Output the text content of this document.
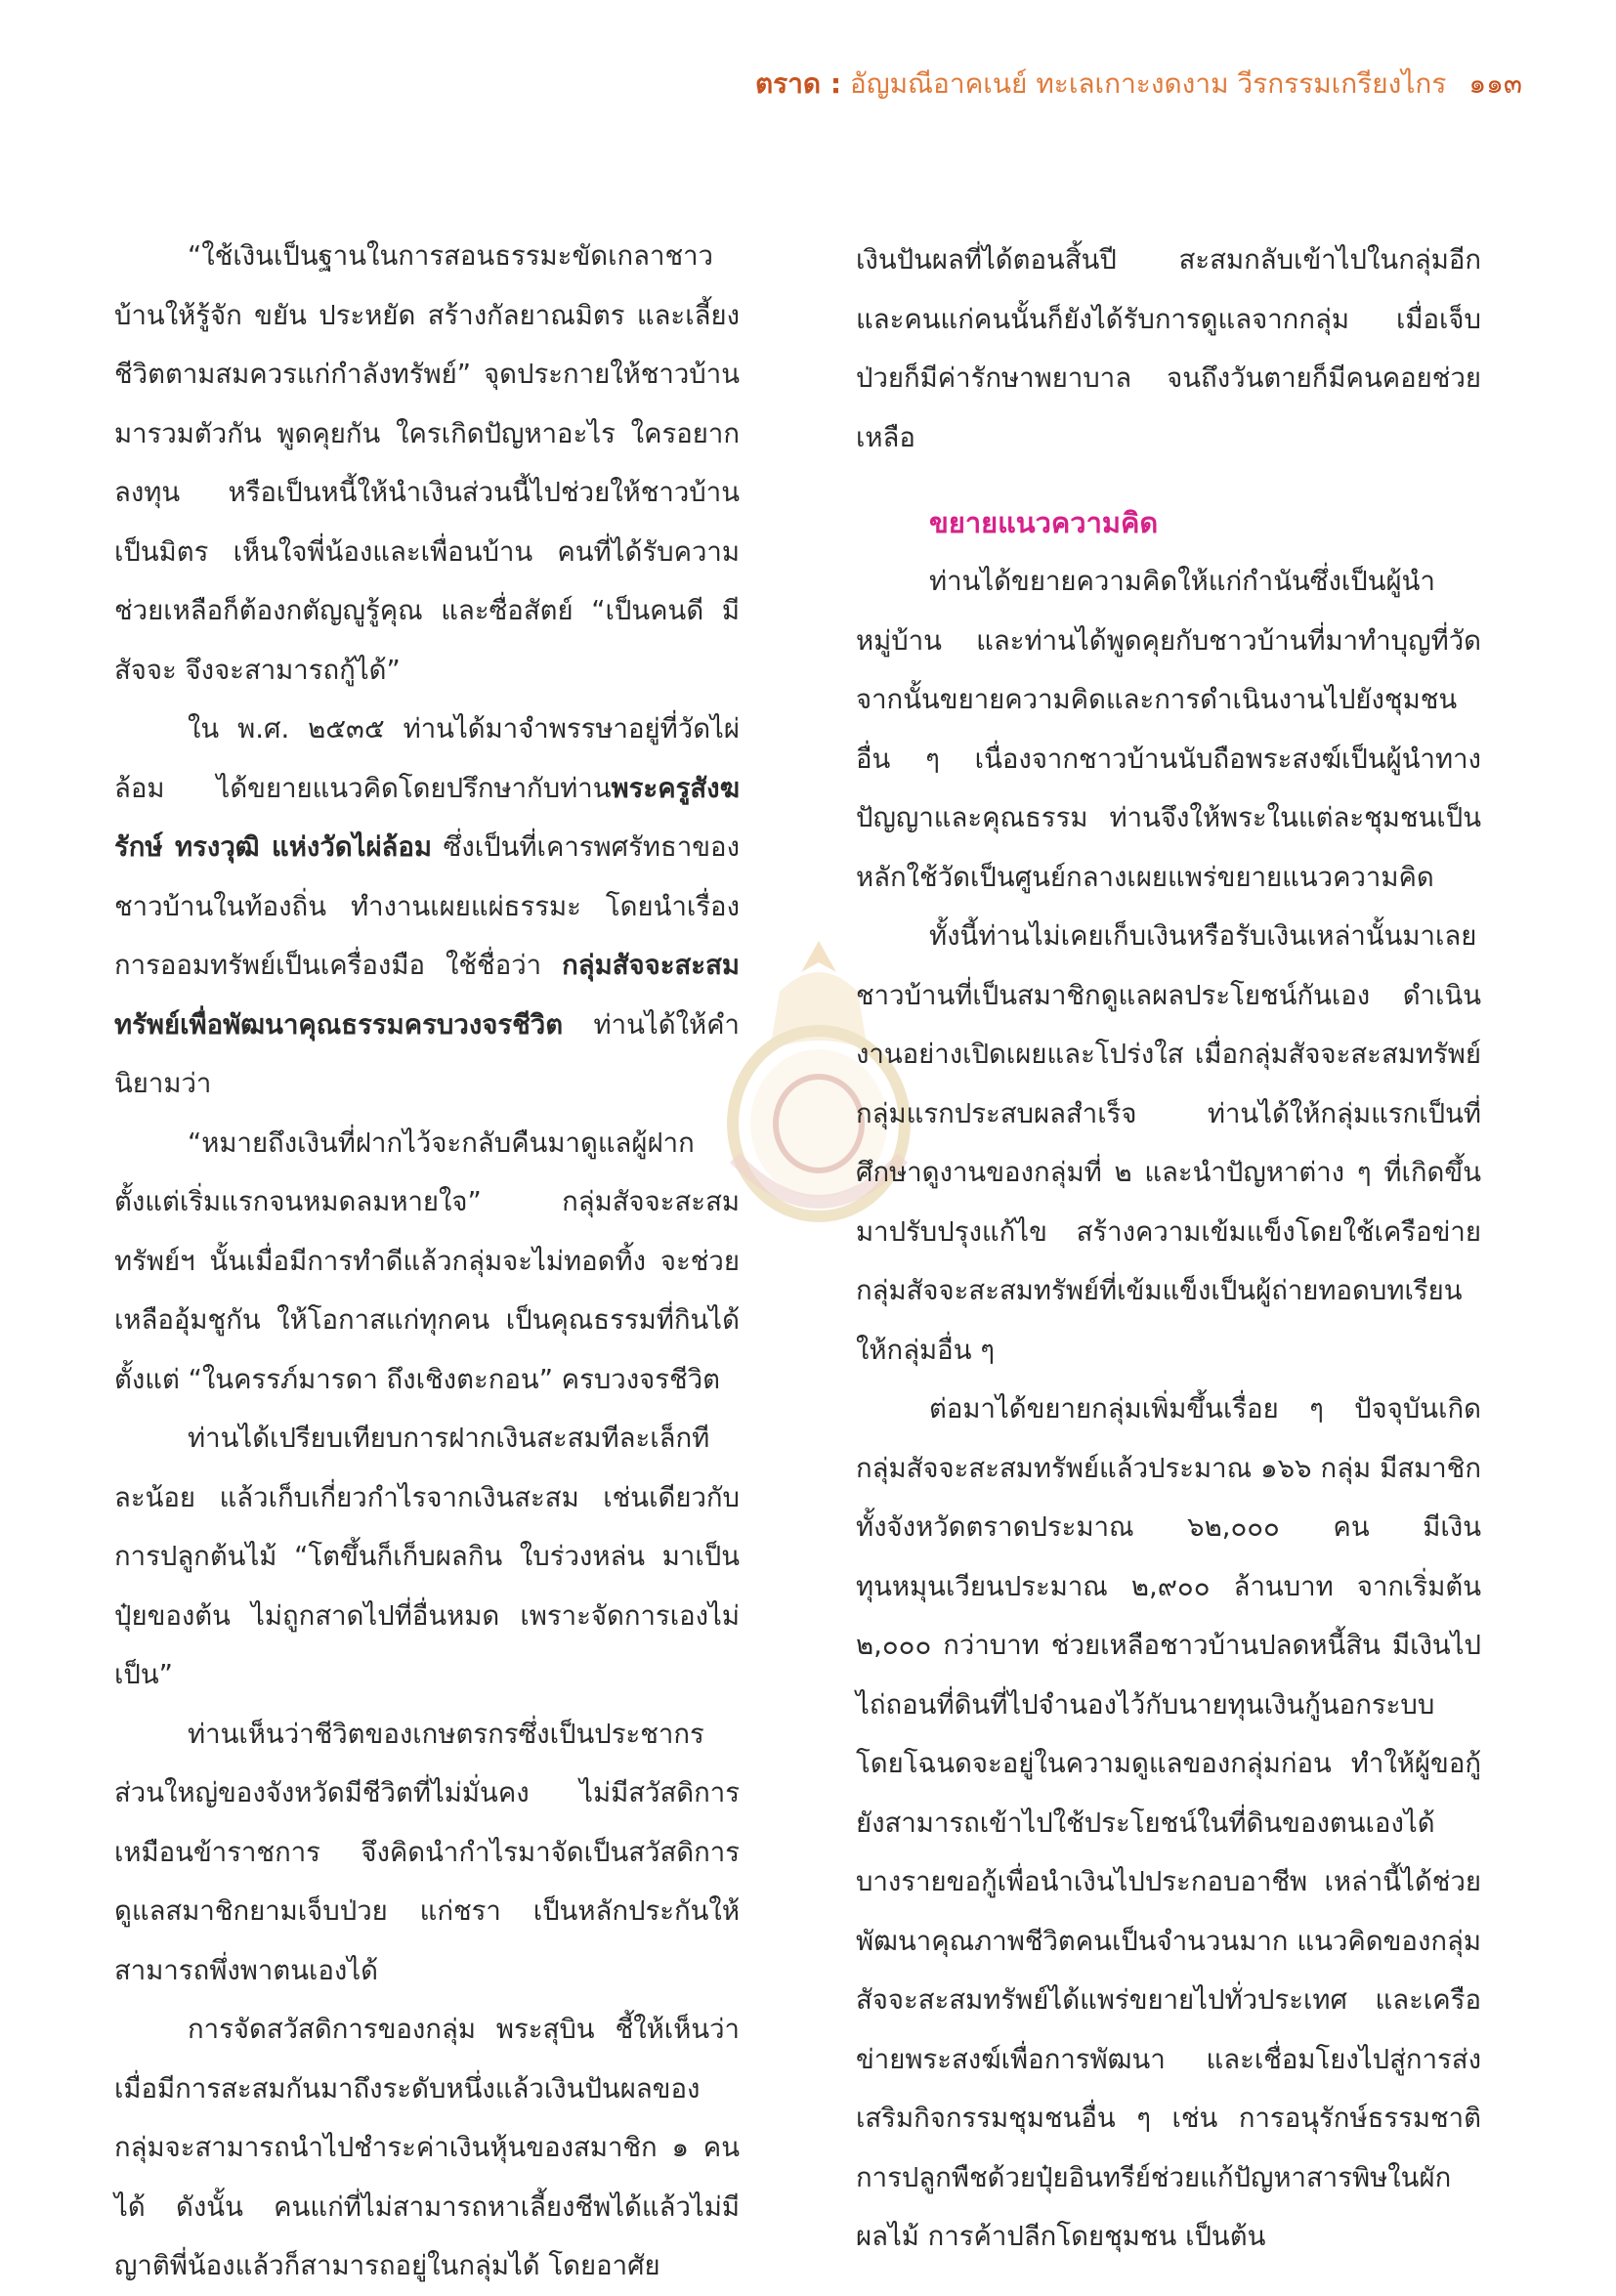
ตราด : อัญมณีอาคเนย์ ทะเลเกาะงดงาม วีรกรรมเกรียงไกร ๑๑๓

“ใช้เงินเป็นฐานในการสอนธรรมะขัดเกลาชาวบ้านให้รู้จัก ขยัน ประหยัด สร้างกัลยาณมิตร และเลี้ยงชีวิตตามสมควรแก่กำลังทรัพย์” จุดประกายให้ชาวบ้านมารวมตัวกัน พูดคุยกัน ใครเกิดปัญหาอะไร ใครอยากลงทุน หรือเป็นหนี้ให้นำเงินส่วนนี้ไปช่วยให้ชาวบ้านเป็นมิตร เห็นใจพี่น้องและเพื่อนบ้าน คนที่ได้รับความช่วยเหลือก็ต้องกตัญญูรู้คุณ และซื่อสัตย์ “เป็นคนดี มีสัจจะ จึงจะสามารถกู้ได้”

ใน พ.ศ. ๒๕๓๕ ท่านได้มาจำพรรษาอยู่ที่วัดไผ่ล้อม ได้ขยายแนวคิดโดยปรึกษากับท่านพระครูสังฆรักษ์ ทรงวุฒิ แห่งวัดไผ่ล้อม ซึ่งเป็นที่เคารพศรัทธาของชาวบ้านในท้องถิ่น ทำงานเผยแผ่ธรรมะ โดยนำเรื่องการออมทรัพย์เป็นเครื่องมือ ใช้ชื่อว่า กลุ่มสัจจะสะสมทรัพย์เพื่อพัฒนาคุณธรรมครบวงจรชีวิต ท่านได้ให้คำนิยามว่า

“หมายถึงเงินที่ฝากไว้จะกลับคืนมาดูแลผู้ฝากตั้งแต่เริ่มแรกจนหมดลมหายใจ” กลุ่มสัจจะสะสมทรัพย์ฯ นั้นเมื่อมีการทำดีแล้วกลุ่มจะไม่ทอดทิ้ง จะช่วยเหลืออุ้มชูกัน ให้โอกาสแก่ทุกคน เป็นคุณธรรมที่กินได้ตั้งแต่ “ในครรภ์มารดา ถึงเชิงตะกอน” ครบวงจรชีวิต

ท่านได้เปรียบเทียบการฝากเงินสะสมทีละเล็กทีละน้อย แล้วเก็บเกี่ยวกำไรจากเงินสะสม เช่นเดียวกับการปลูกต้นไม้ “โตขึ้นก็เก็บผลกิน ใบร่วงหล่น มาเป็นปุ๋ยของต้น ไม่ถูกสาดไปที่อื่นหมด เพราะจัดการเองไม่เป็น”

ท่านเห็นว่าชีวิตของเกษตรกรซึ่งเป็นประชากรส่วนใหญ่ของจังหวัดมีชีวิตที่ไม่มั่นคง ไม่มีสวัสดิการเหมือนข้าราชการ จึงคิดนำกำไรมาจัดเป็นสวัสดิการดูแลสมาชิกยามเจ็บป่วย แก่ชรา เป็นหลักประกันให้สามารถพึ่งพาตนเองได้

การจัดสวัสดิการของกลุ่ม พระสุบิน ชี้ให้เห็นว่าเมื่อมีการสะสมกันมาถึงระดับหนึ่งแล้วเงินปันผลของกลุ่มจะสามารถนำไปชำระค่าเงินหุ้นของสมาชิก ๑ คนได้ ดังนั้น คนแก่ที่ไม่สามารถหาเลี้ยงชีพได้แล้วไม่มีญาติพี่น้องแล้วก็สามารถอยู่ในกลุ่มได้ โดยอาศัย

เงินปันผลที่ได้ตอนสิ้นปี สะสมกลับเข้าไปในกลุ่มอีก และคนแก่คนนั้นก็ยังได้รับการดูแลจากกลุ่ม เมื่อเจ็บป่วยก็มีค่ารักษาพยาบาล จนถึงวันตายก็มีคนคอยช่วยเหลือ

ขยายแนวความคิด

ท่านได้ขยายความคิดให้แก่กำนันซึ่งเป็นผู้นำหมู่บ้าน และท่านได้พูดคุยกับชาวบ้านที่มาทำบุญที่วัด จากนั้นขยายความคิดและการดำเนินงานไปยังชุมชนอื่น ๆ เนื่องจากชาวบ้านนับถือพระสงฆ์เป็นผู้นำทางปัญญาและคุณธรรม ท่านจึงให้พระในแต่ละชุมชนเป็นหลักใช้วัดเป็นศูนย์กลางเผยแพร่ขยายแนวความคิด

ทั้งนี้ท่านไม่เคยเก็บเงินหรือรับเงินเหล่านั้นมาเลย ชาวบ้านที่เป็นสมาชิกดูแลผลประโยชน์กันเอง ดำเนินงานอย่างเปิดเผยและโปร่งใส เมื่อกลุ่มสัจจะสะสมทรัพย์กลุ่มแรกประสบผลสำเร็จ ท่านได้ให้กลุ่มแรกเป็นที่ศึกษาดูงานของกลุ่มที่ ๒ และนำปัญหาต่าง ๆ ที่เกิดขึ้นมาปรับปรุงแก้ไข สร้างความเข้มแข็งโดยใช้เครือข่ายกลุ่มสัจจะสะสมทรัพย์ที่เข้มแข็งเป็นผู้ถ่ายทอดบทเรียนให้กลุ่มอื่น ๆ

ต่อมาได้ขยายกลุ่มเพิ่มขึ้นเรื่อย ๆ ปัจจุบันเกิดกลุ่มสัจจะสะสมทรัพย์แล้วประมาณ ๑๖๖ กลุ่ม มีสมาชิกทั้งจังหวัดตราดประมาณ ๖๒,๐๐๐ คน มีเงินทุนหมุนเวียนประมาณ ๒,๙๐๐ ล้านบาท จากเริ่มต้น ๒,๐๐๐ กว่าบาท ช่วยเหลือชาวบ้านปลดหนี้สิน มีเงินไปไถ่ถอนที่ดินที่ไปจำนองไว้กับนายทุนเงินกู้นอกระบบ โดยโฉนดจะอยู่ในความดูแลของกลุ่มก่อน ทำให้ผู้ขอกู้ยังสามารถเข้าไปใช้ประโยชน์ในที่ดินของตนเองได้ บางรายขอกู้เพื่อนำเงินไปประกอบอาชีพ เหล่านี้ได้ช่วยพัฒนาคุณภาพชีวิตคนเป็นจำนวนมาก แนวคิดของกลุ่มสัจจะสะสมทรัพย์ได้แพร่ขยายไปทั่วประเทศ และเครือข่ายพระสงฆ์เพื่อการพัฒนา และเชื่อมโยงไปสู่การส่งเสริมกิจกรรมชุมชนอื่น ๆ เช่น การอนุรักษ์ธรรมชาติ การปลูกพืชด้วยปุ๋ยอินทรีย์ช่วยแก้ปัญหาสารพิษในผักผลไม้ การค้าปลีกโดยชุมชน เป็นต้น
